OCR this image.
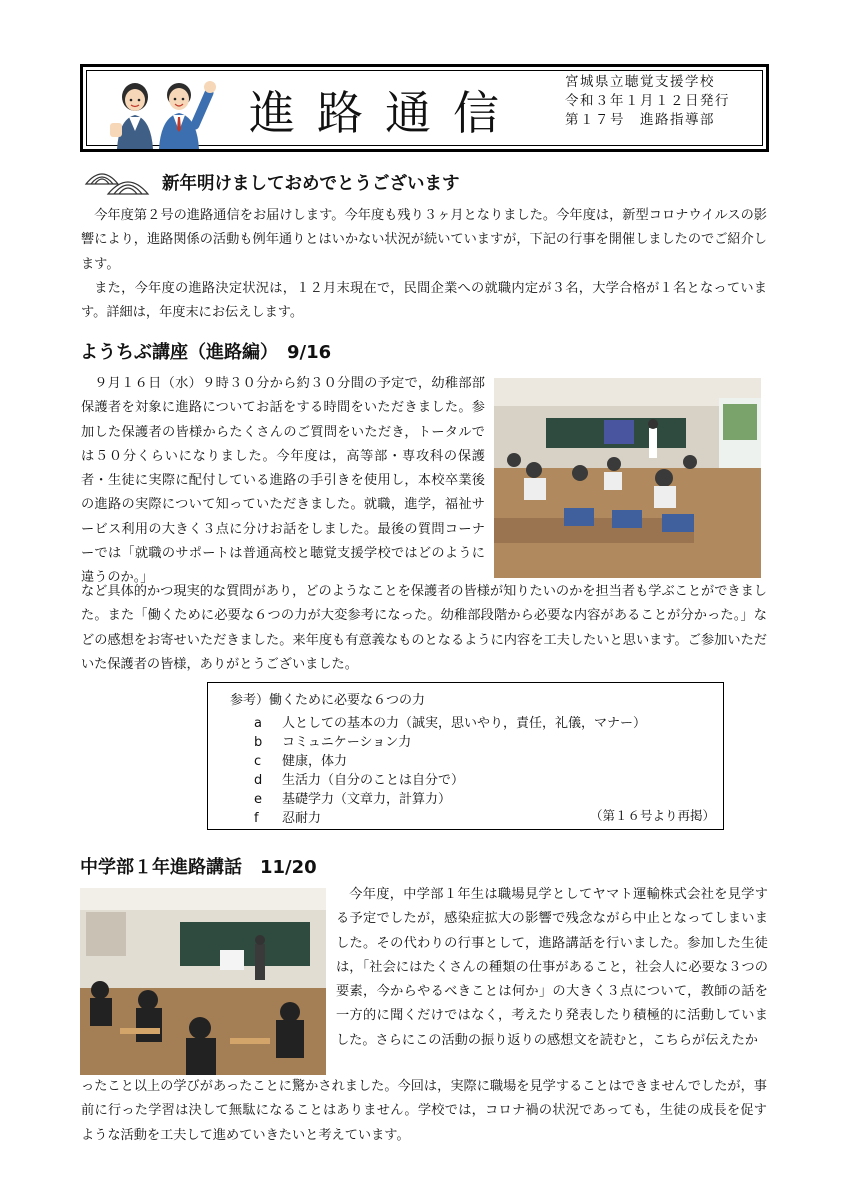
進路通信
宮城県立聴覚支援学校
令和３年１月１２日発行
第１７号　進路指導部
新年明けましておめでとうございます

今年度第２号の進路通信をお届けします。今年度も残り３ヶ月となりました。今年度は，新型コロナウイルスの影響により，進路関係の活動も例年通りとはいかない状況が続いていますが，下記の行事を開催しましたのでご紹介します。

また，今年度の進路決定状況は，１２月末現在で，民間企業への就職内定が３名，大学合格が１名となっています。詳細は，年度末にお伝えします。

ようちぶ講座（進路編）　9/16
９月１６日（水）９時３０分から約３０分間の予定で，幼稚部部保護者を対象に進路についてお話をする時間をいただきました。参加した保護者の皆様からたくさんのご質問をいただき，トータルでは５０分くらいになりました。今年度は，高等部・専攻科の保護者・生徒に実際に配付している進路の手引きを使用し，本校卒業後の進路の実際について知っていただきました。就職，進学，福祉サービス利用の大きく３点に分けお話をしました。最後の質問コーナーでは「就職のサポートは普通高校と聴覚支援学校ではどのように違うのか。」
など具体的かつ現実的な質問があり，どのようなことを保護者の皆様が知りたいのかを担当者も学ぶことができました。また「働くために必要な６つの力が大変参考になった。幼稚部段階から必要な内容があることが分かった。」などの感想をお寄せいただきました。来年度も有意義なものとなるように内容を工夫したいと思います。ご参加いただいた保護者の皆様，ありがとうございました。
参考）働くために必要な６つの力
a 人としての基本の力（誠実，思いやり，責任，礼儀，マナー）
b コミュニケーション力
c 健康，体力
d 生活力（自分のことは自分で）
e 基礎学力（文章力，計算力）
f 忍耐力	（第１６号より再掲）
中学部１年進路講話　11/20
今年度，中学部１年生は職場見学としてヤマト運輸株式会社を見学する予定でしたが，感染症拡大の影響で残念ながら中止となってしまいました。その代わりの行事として，進路講話を行いました。参加した生徒は，「社会にはたくさんの種類の仕事があること，社会人に必要な３つの要素，今からやるべきことは何か」の大きく３点について，教師の話を一方的に聞くだけではなく，考えたり発表したり積極的に活動していました。さらにこの活動の振り返りの感想文を読むと，こちらが伝えたか
ったこと以上の学びがあったことに驚かされました。今回は，実際に職場を見学することはできませんでしたが，事前に行った学習は決して無駄になることはありません。学校では，コロナ禍の状況であっても，生徒の成長を促すような活動を工夫して進めていきたいと考えています。
